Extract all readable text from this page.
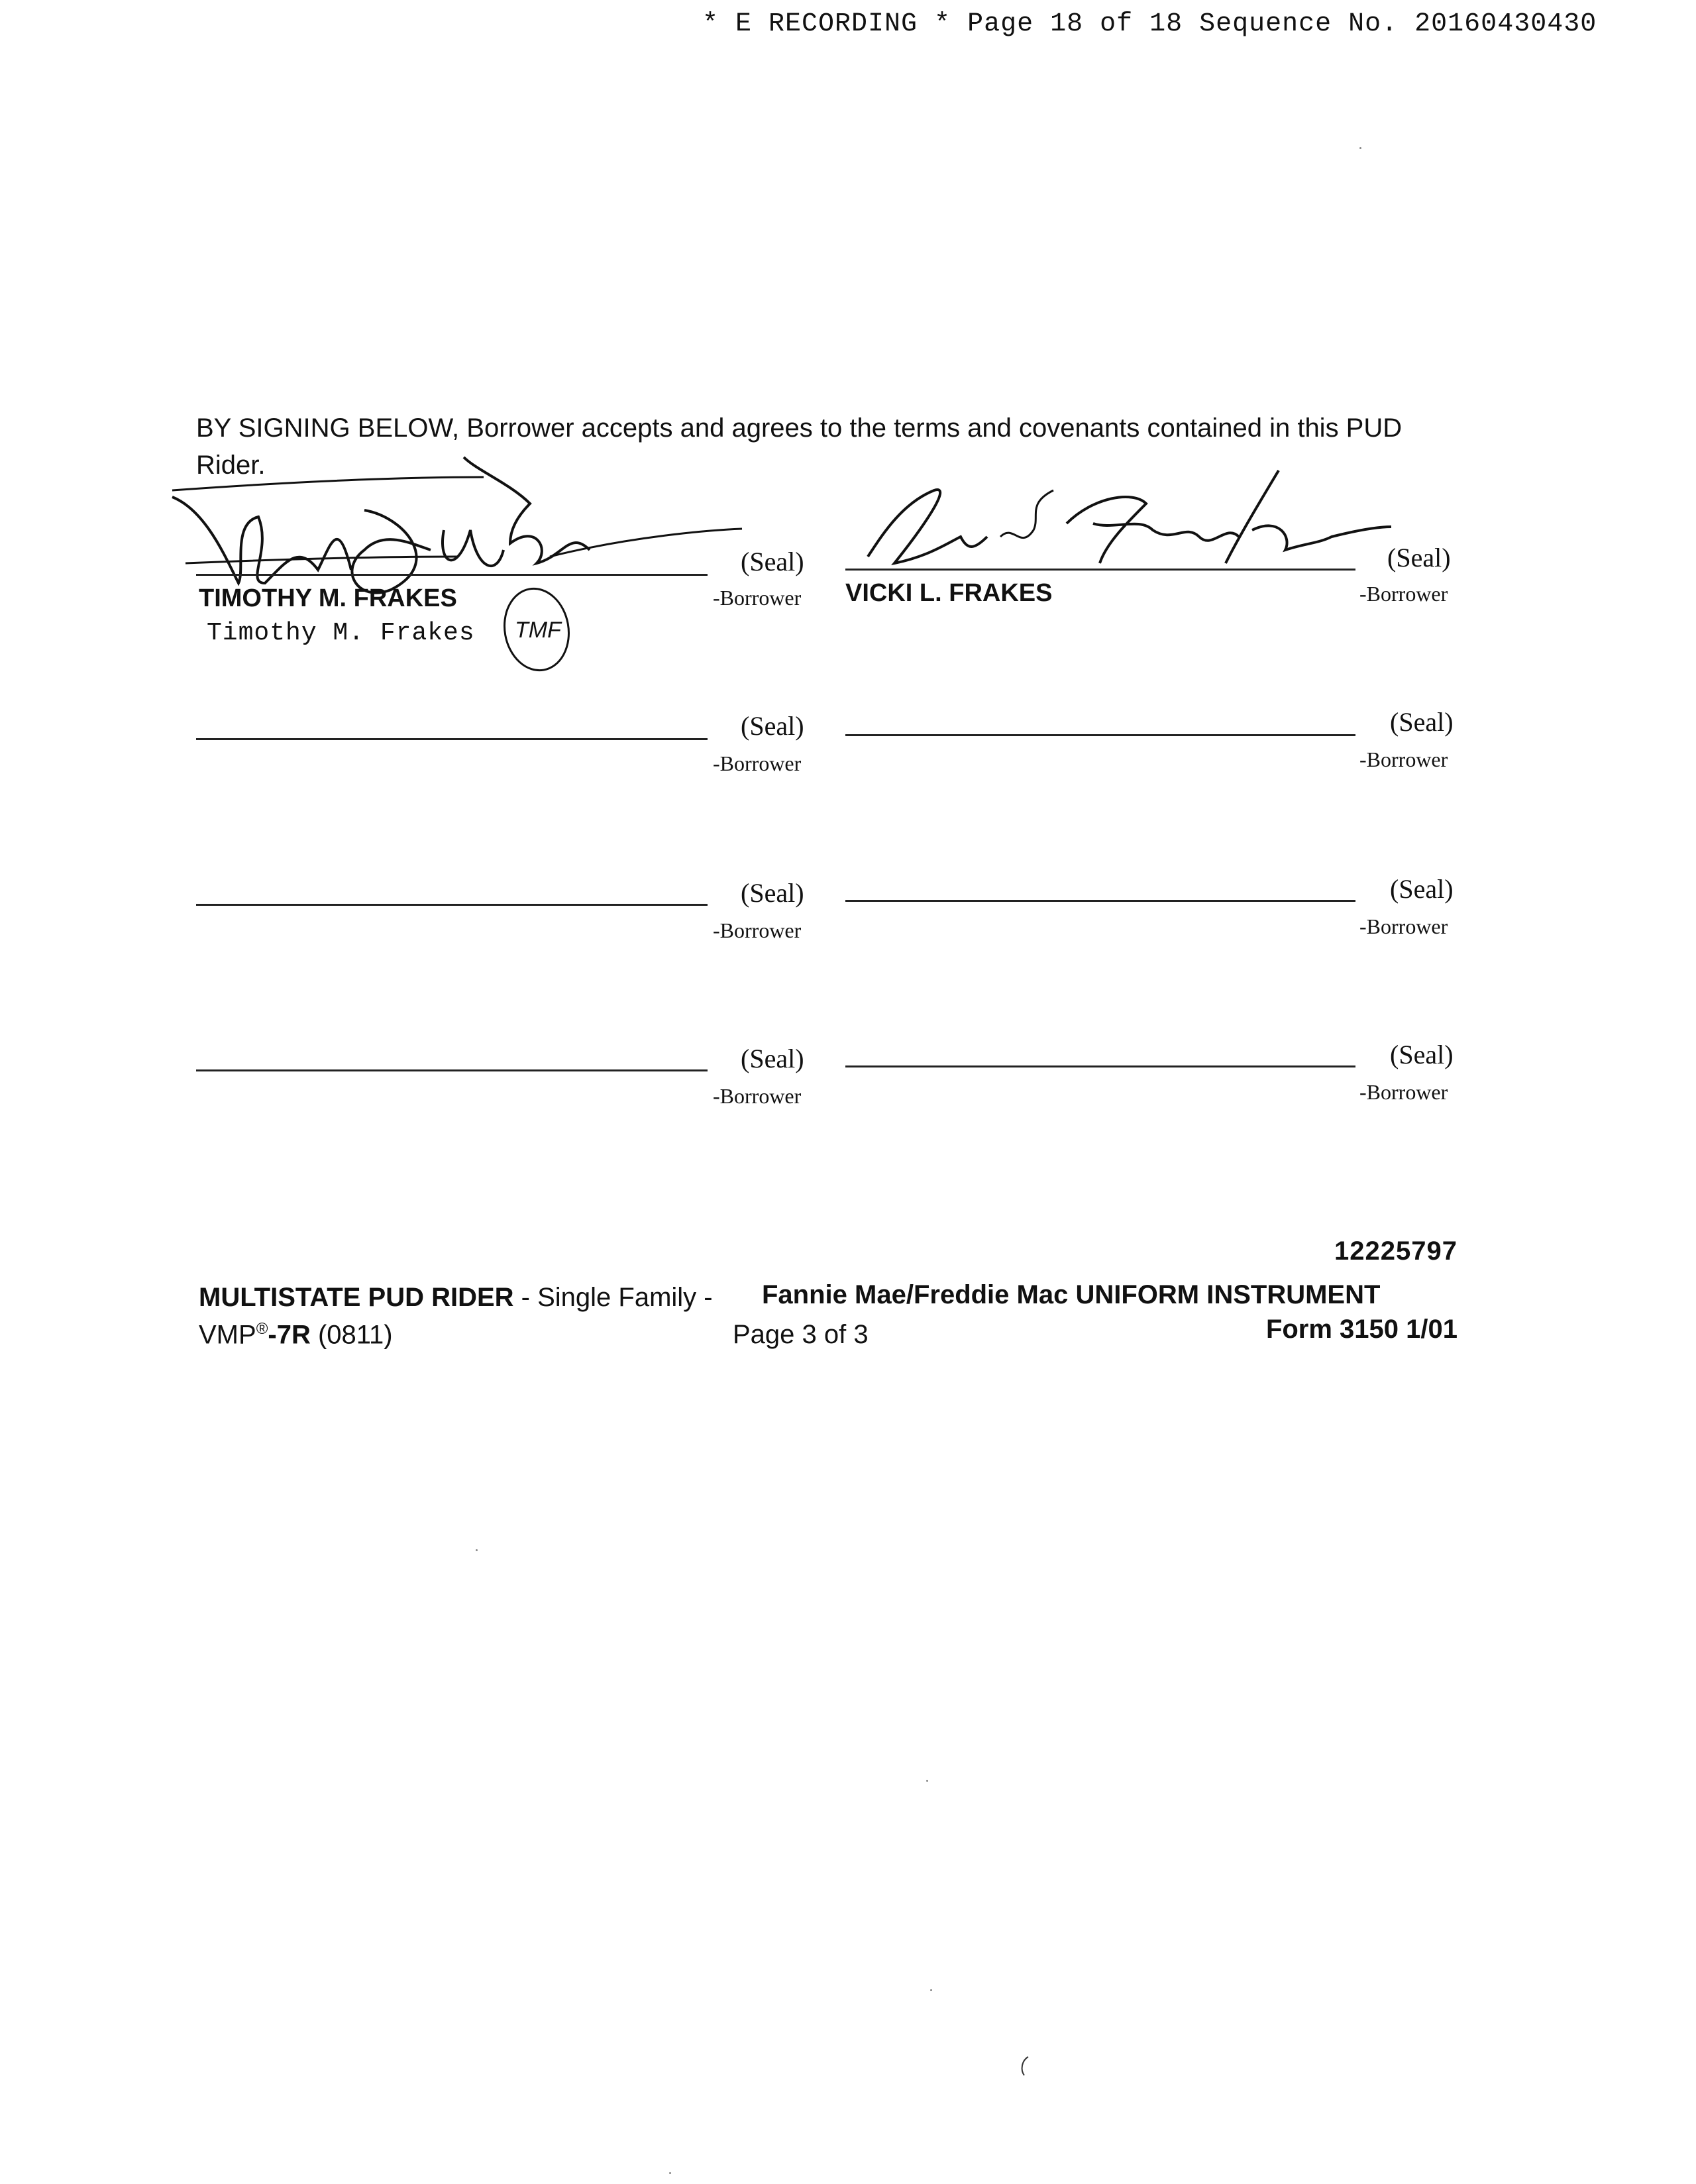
* E RECORDING * Page 18 of 18 Sequence No. 20160430430
BY SIGNING BELOW, Borrower accepts and agrees to the terms and covenants contained in this PUD Rider.
TMF
(Seal)
-Borrower
TIMOTHY M. FRAKES
Timothy M. Frakes
(Seal)
-Borrower
VICKI L. FRAKES
(Seal)
-Borrower
(Seal)
-Borrower
(Seal)
-Borrower
(Seal)
-Borrower
(Seal)
-Borrower
(Seal)
-Borrower
12225797
MULTISTATE PUD RIDER - Single Family - Fannie Mae/Freddie Mac UNIFORM INSTRUMENT
VMP®-7R (0811)	Page 3 of 3	Form 3150 1/01
